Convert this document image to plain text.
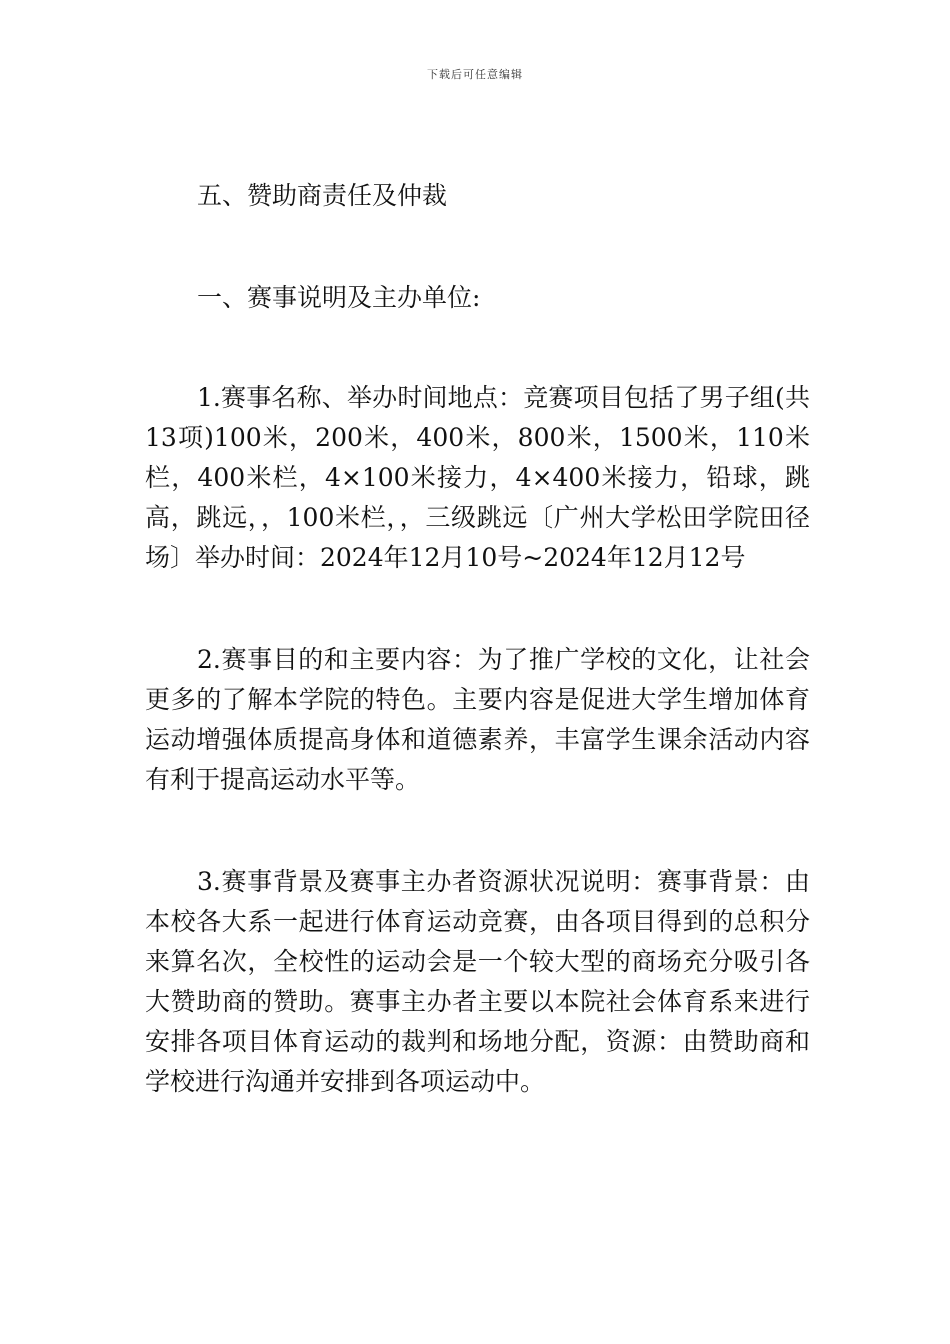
下载后可任意编辑

五、赞助商责任及仲裁

一、赛事说明及主办单位:

1.赛事名称、举办时间地点：竞赛项目包括了男子组(共13项)100米，200米，400米，800米，1500米，110米栏，400米栏，4×100米接力，4×400米接力，铅球，跳高，跳远，，100米栏，，三级跳远〔广州大学松田学院田径场〕举办时间：2024年12月10号~2024年12月12号

2.赛事目的和主要内容：为了推广学校的文化，让社会更多的了解本学院的特色。主要内容是促进大学生增加体育运动增强体质提高身体和道德素养，丰富学生课余活动内容有利于提高运动水平等。

3.赛事背景及赛事主办者资源状况说明：赛事背景：由本校各大系一起进行体育运动竞赛，由各项目得到的总积分来算名次，全校性的运动会是一个较大型的商场充分吸引各大赞助商的赞助。赛事主办者主要以本院社会体育系来进行安排各项目体育运动的裁判和场地分配，资源：由赞助商和学校进行沟通并安排到各项运动中。
